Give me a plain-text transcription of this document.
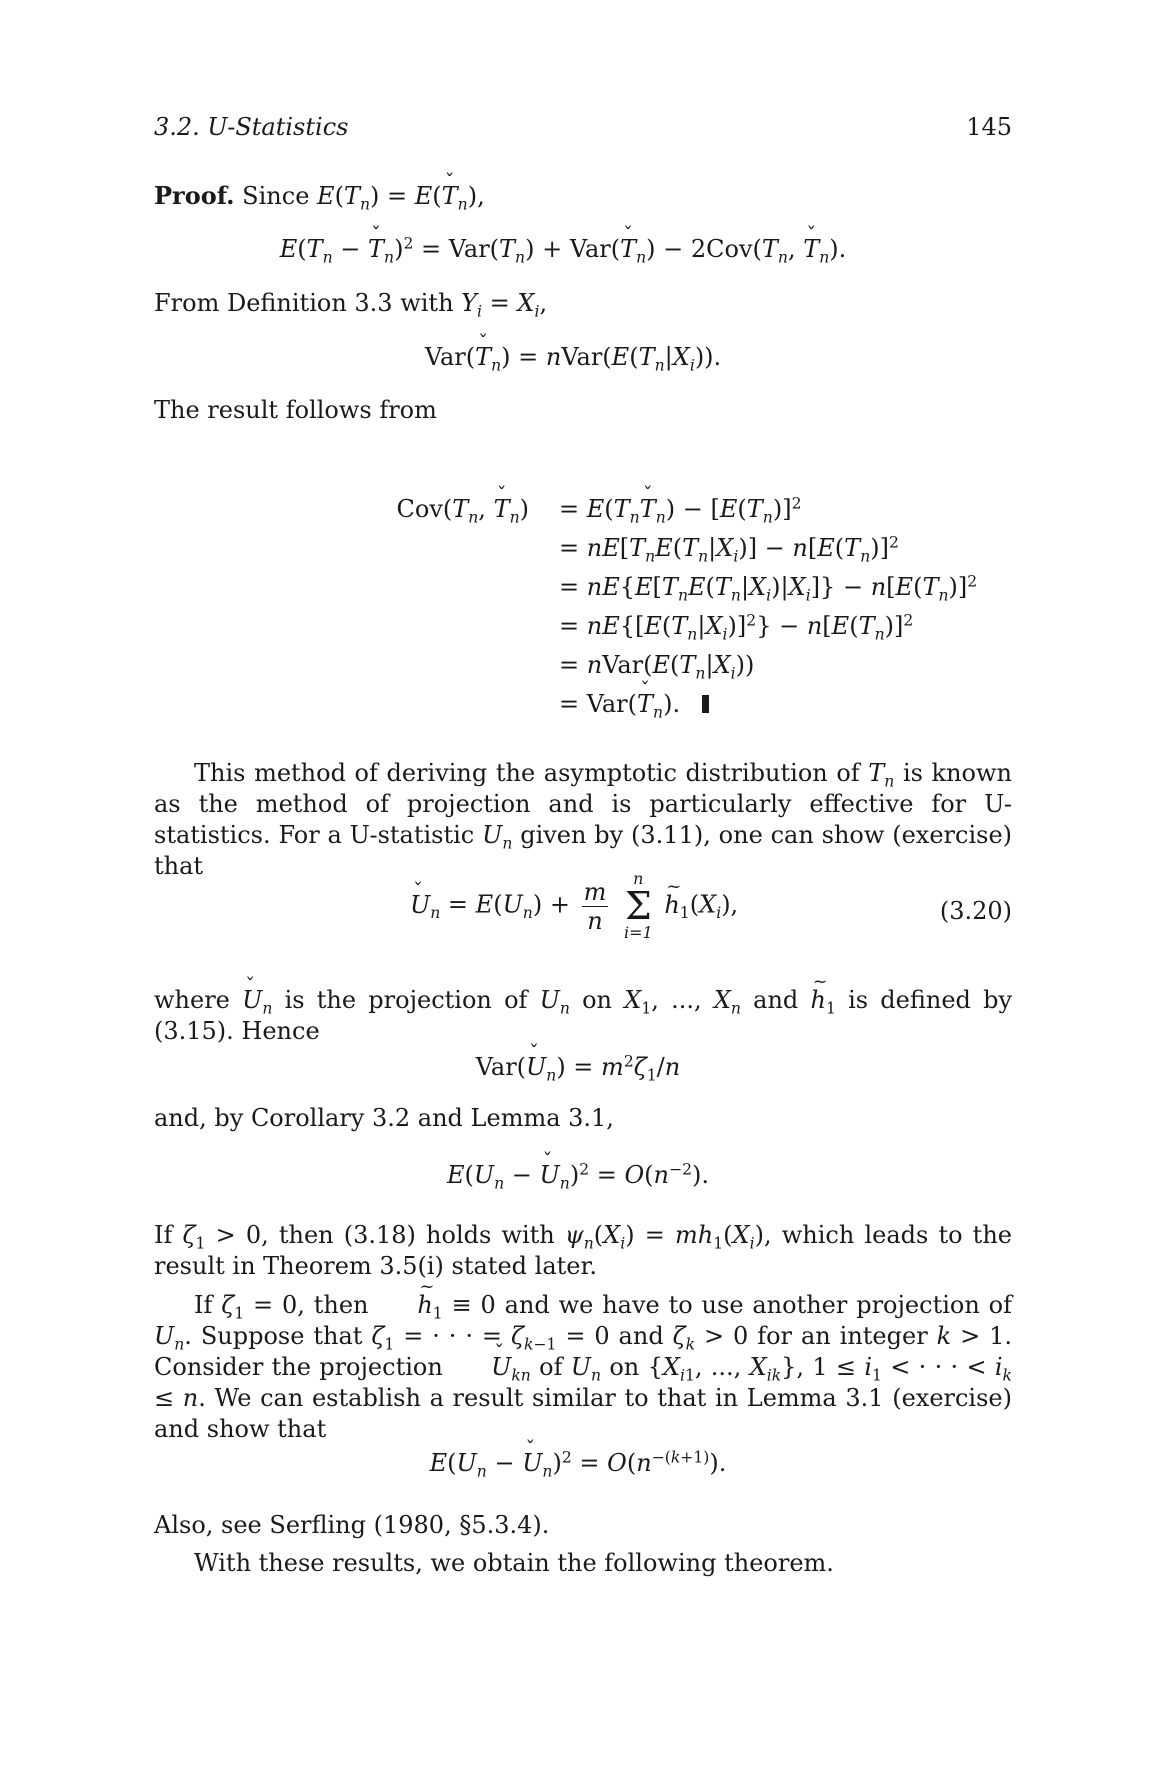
3.2. U-Statistics	145
Proof. Since $E(T_n)$ = E(ˇ $T_n$),
$E(T_n$ − ˇ $T_n)^2 = Var(T_n)$ + Var(ˇ $T_n) - 2Cov(T_n$, ˇ $T_n$).
From Definition 3.3 with $Y_i = X_i$,
Var(ˇ $T_n$) = $nVar(E(T_n|X_i))$.
The result follows from
$Cov(T_n$, ˇ $T_n$) = $E(T_nˇ$ $T_n) - [E(T_n)]^2$
= $nE[T_nE(T_n|X_i)] - n[E(T_n)]^2$
= $nE\{E[T_nE(T_n|X_i)|X_i]\} - n[E(T_n)]^2$
= $nE\{[E(T_n|X_i)]^2\} - n[E(T_n)]^2$
= $nVar(E(T_n|X_i))$
= Var(ˇ $T_n$).

This method of deriving the asymptotic distribution of $T_n$ is known as the method of projection and is particularly effective for U-statistics. For a U-statistic $U_n$ given by (3.11), one can show (exercise) that

ˇ $U_n = E(U_n) + \frac{m}{n}$
	n
Σ
i=1
~ $h_1(X_i)$,	(3.20)

where ˇ $U_n$ is the projection of $U_n$ on $X_1$, ..., $X_n$ and ~ $h_1$ is defined by (3.15). Hence

Var(ˇ $U_n) = m^2\zeta_1/n$
and, by Corollary 3.2 and Lemma 3.1,
$E(U_n$ − ˇ $U_n)^2 = O(n^{-2})$.

If $\zeta_1 > 0$, then (3.18) holds with $\psi_n(X_i) = mh_1(X_i)$, which leads to the result in Theorem 3.5(i) stated later.

If $\zeta_1 = 0$, then ~ $h_1 \equiv 0$ and we have to use another projection of $U_n$. Suppose that $\zeta_1$ = · · · = $\zeta_{k-1} = 0$ and $\zeta_k > 0$ for an integer k > 1. Consider the projection ˇ $U_{kn}$ of $U_n$ on {$X_{i1}$, ..., $X_{ik}$}, $1 \le i_1$ < · · · < $i_k \le n$. We can establish a result similar to that in Lemma 3.1 (exercise) and show that

$E(U_n$ − ˇ $U_n)^2 = O(n^{-(k+1)})$.
Also, see Serfling (1980, §5.3.4).
With these results, we obtain the following theorem.
